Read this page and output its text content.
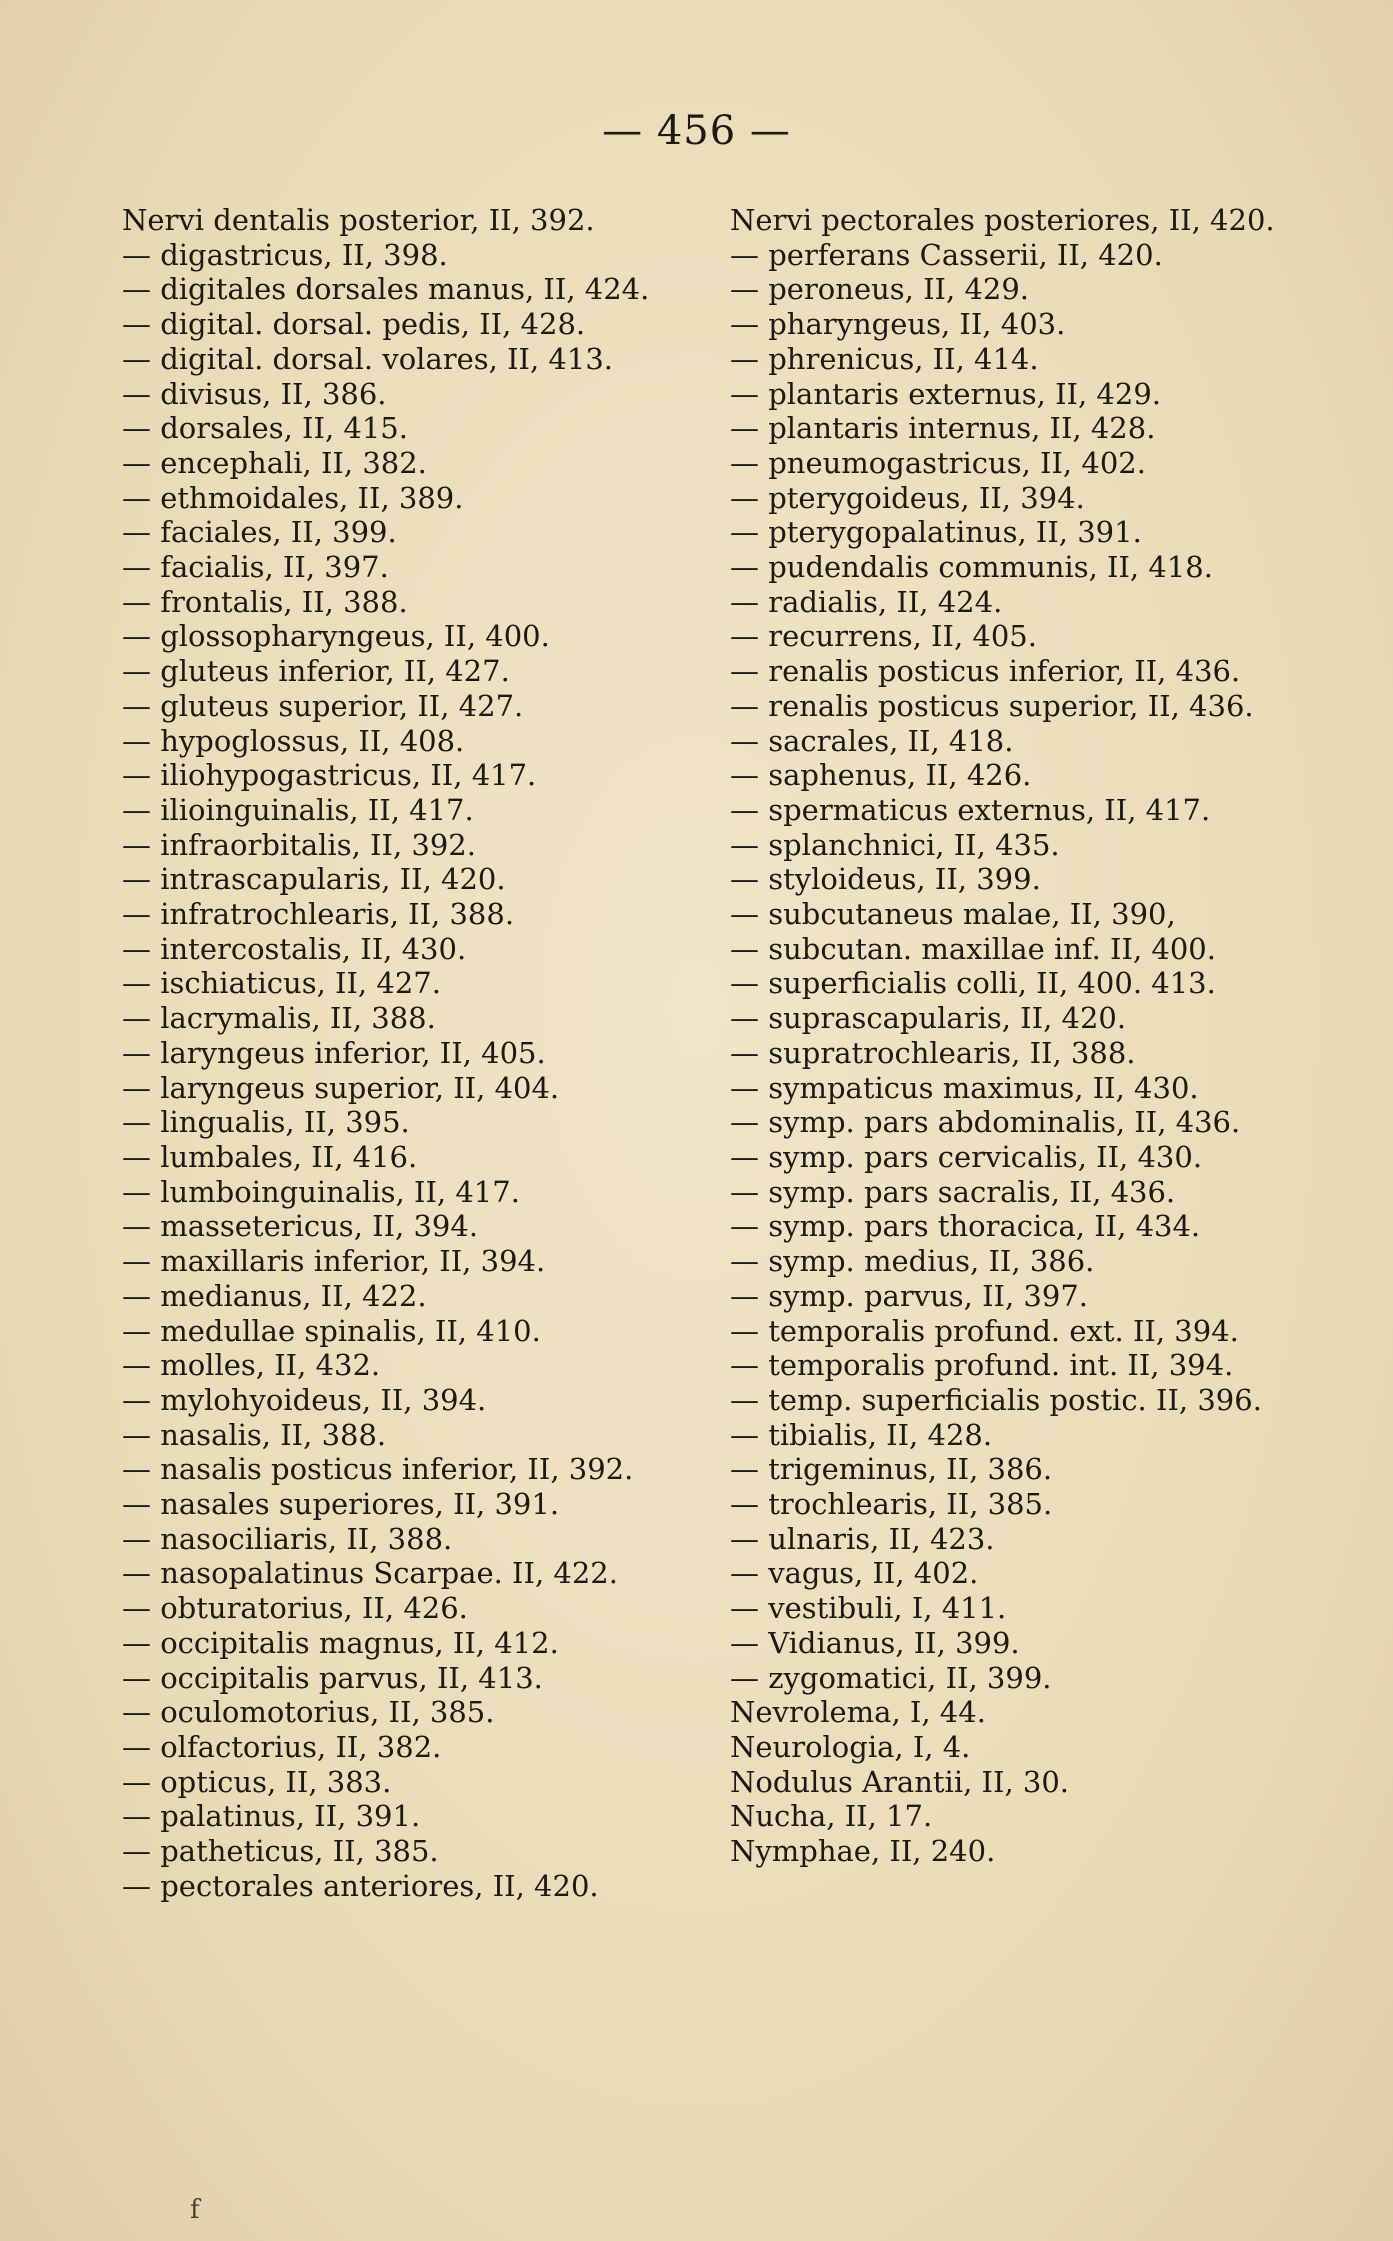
— 456 —
Nervi dentalis posterior, II, 392.
— digastricus, II, 398.
— digitales dorsales manus, II, 424.
— digital. dorsal. pedis, II, 428.
— digital. dorsal. volares, II, 413.
— divisus, II, 386.
— dorsales, II, 415.
— encephali, II, 382.
— ethmoidales, II, 389.
— faciales, II, 399.
— facialis, II, 397.
— frontalis, II, 388.
— glossopharyngeus, II, 400.
— gluteus inferior, II, 427.
— gluteus superior, II, 427.
— hypoglossus, II, 408.
— iliohypogastricus, II, 417.
— ilioinguinalis, II, 417.
— infraorbitalis, II, 392.
— intrascapularis, II, 420.
— infratrochlearis, II, 388.
— intercostalis, II, 430.
— ischiaticus, II, 427.
— lacrymalis, II, 388.
— laryngeus inferior, II, 405.
— laryngeus superior, II, 404.
— lingualis, II, 395.
— lumbales, II, 416.
— lumboinguinalis, II, 417.
— massetericus, II, 394.
— maxillaris inferior, II, 394.
— medianus, II, 422.
— medullae spinalis, II, 410.
— molles, II, 432.
— mylohyoideus, II, 394.
— nasalis, II, 388.
— nasalis posticus inferior, II, 392.
— nasales superiores, II, 391.
— nasociliaris, II, 388.
— nasopalatinus Scarpae. II, 422.
— obturatorius, II, 426.
— occipitalis magnus, II, 412.
— occipitalis parvus, II, 413.
— oculomotorius, II, 385.
— olfactorius, II, 382.
— opticus, II, 383.
— palatinus, II, 391.
— patheticus, II, 385.
— pectorales anteriores, II, 420.
Nervi pectorales posteriores, II, 420.
— perferans Casserii, II, 420.
— peroneus, II, 429.
— pharyngeus, II, 403.
— phrenicus, II, 414.
— plantaris externus, II, 429.
— plantaris internus, II, 428.
— pneumogastricus, II, 402.
— pterygoideus, II, 394.
— pterygopalatinus, II, 391.
— pudendalis communis, II, 418.
— radialis, II, 424.
— recurrens, II, 405.
— renalis posticus inferior, II, 436.
— renalis posticus superior, II, 436.
— sacrales, II, 418.
— saphenus, II, 426.
— spermaticus externus, II, 417.
— splanchnici, II, 435.
— styloideus, II, 399.
— subcutaneus malae, II, 390,
— subcutan. maxillae inf. II, 400.
— superficialis colli, II, 400. 413.
— suprascapularis, II, 420.
— supratrochlearis, II, 388.
— sympaticus maximus, II, 430.
— symp. pars abdominalis, II, 436.
— symp. pars cervicalis, II, 430.
— symp. pars sacralis, II, 436.
— symp. pars thoracica, II, 434.
— symp. medius, II, 386.
— symp. parvus, II, 397.
— temporalis profund. ext. II, 394.
— temporalis profund. int. II, 394.
— temp. superficialis postic. II, 396.
— tibialis, II, 428.
— trigeminus, II, 386.
— trochlearis, II, 385.
— ulnaris, II, 423.
— vagus, II, 402.
— vestibuli, I, 411.
— Vidianus, II, 399.
— zygomatici, II, 399.
Nevrolema, I, 44.
Neurologia, I, 4.
Nodulus Arantii, II, 30.
Nucha, II, 17.
Nymphae, II, 240.
f
